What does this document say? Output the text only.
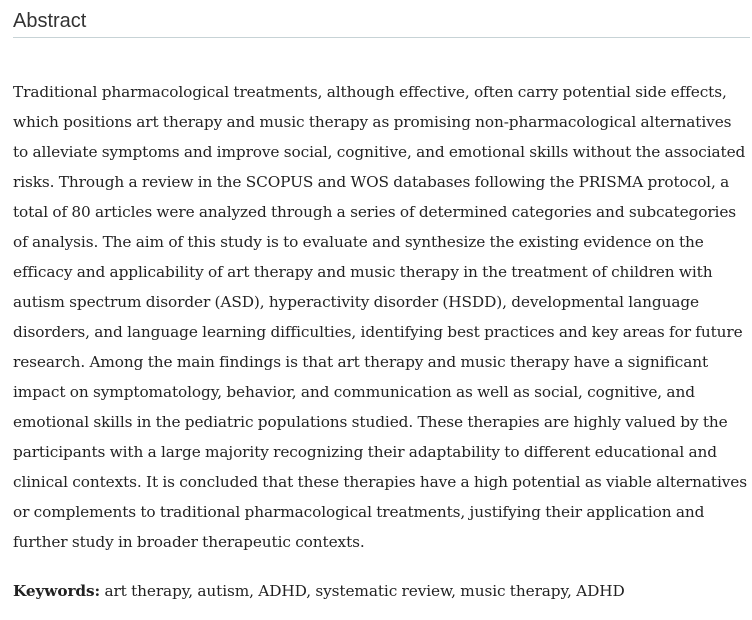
Abstract

Traditional pharmacological treatments, although effective, often carry potential side effects, which positions art therapy and music therapy as promising non-pharmacological alternatives to alleviate symptoms and improve social, cognitive, and emotional skills without the associated risks. Through a review in the SCOPUS and WOS databases following the PRISMA protocol, a total of 80 articles were analyzed through a series of determined categories and subcategories of analysis. The aim of this study is to evaluate and synthesize the existing evidence on the efficacy and applicability of art therapy and music therapy in the treatment of children with autism spectrum disorder (ASD), hyperactivity disorder (HSDD), developmental language disorders, and language learning difficulties, identifying best practices and key areas for future research. Among the main findings is that art therapy and music therapy have a significant impact on symptomatology, behavior, and communication as well as social, cognitive, and emotional skills in the pediatric populations studied. These therapies are highly valued by the participants with a large majority recognizing their adaptability to different educational and clinical contexts. It is concluded that these therapies have a high potential as viable alternatives or complements to traditional pharmacological treatments, justifying their application and further study in broader therapeutic contexts.

Keywords: art therapy, autism, ADHD, systematic review, music therapy, ADHD
